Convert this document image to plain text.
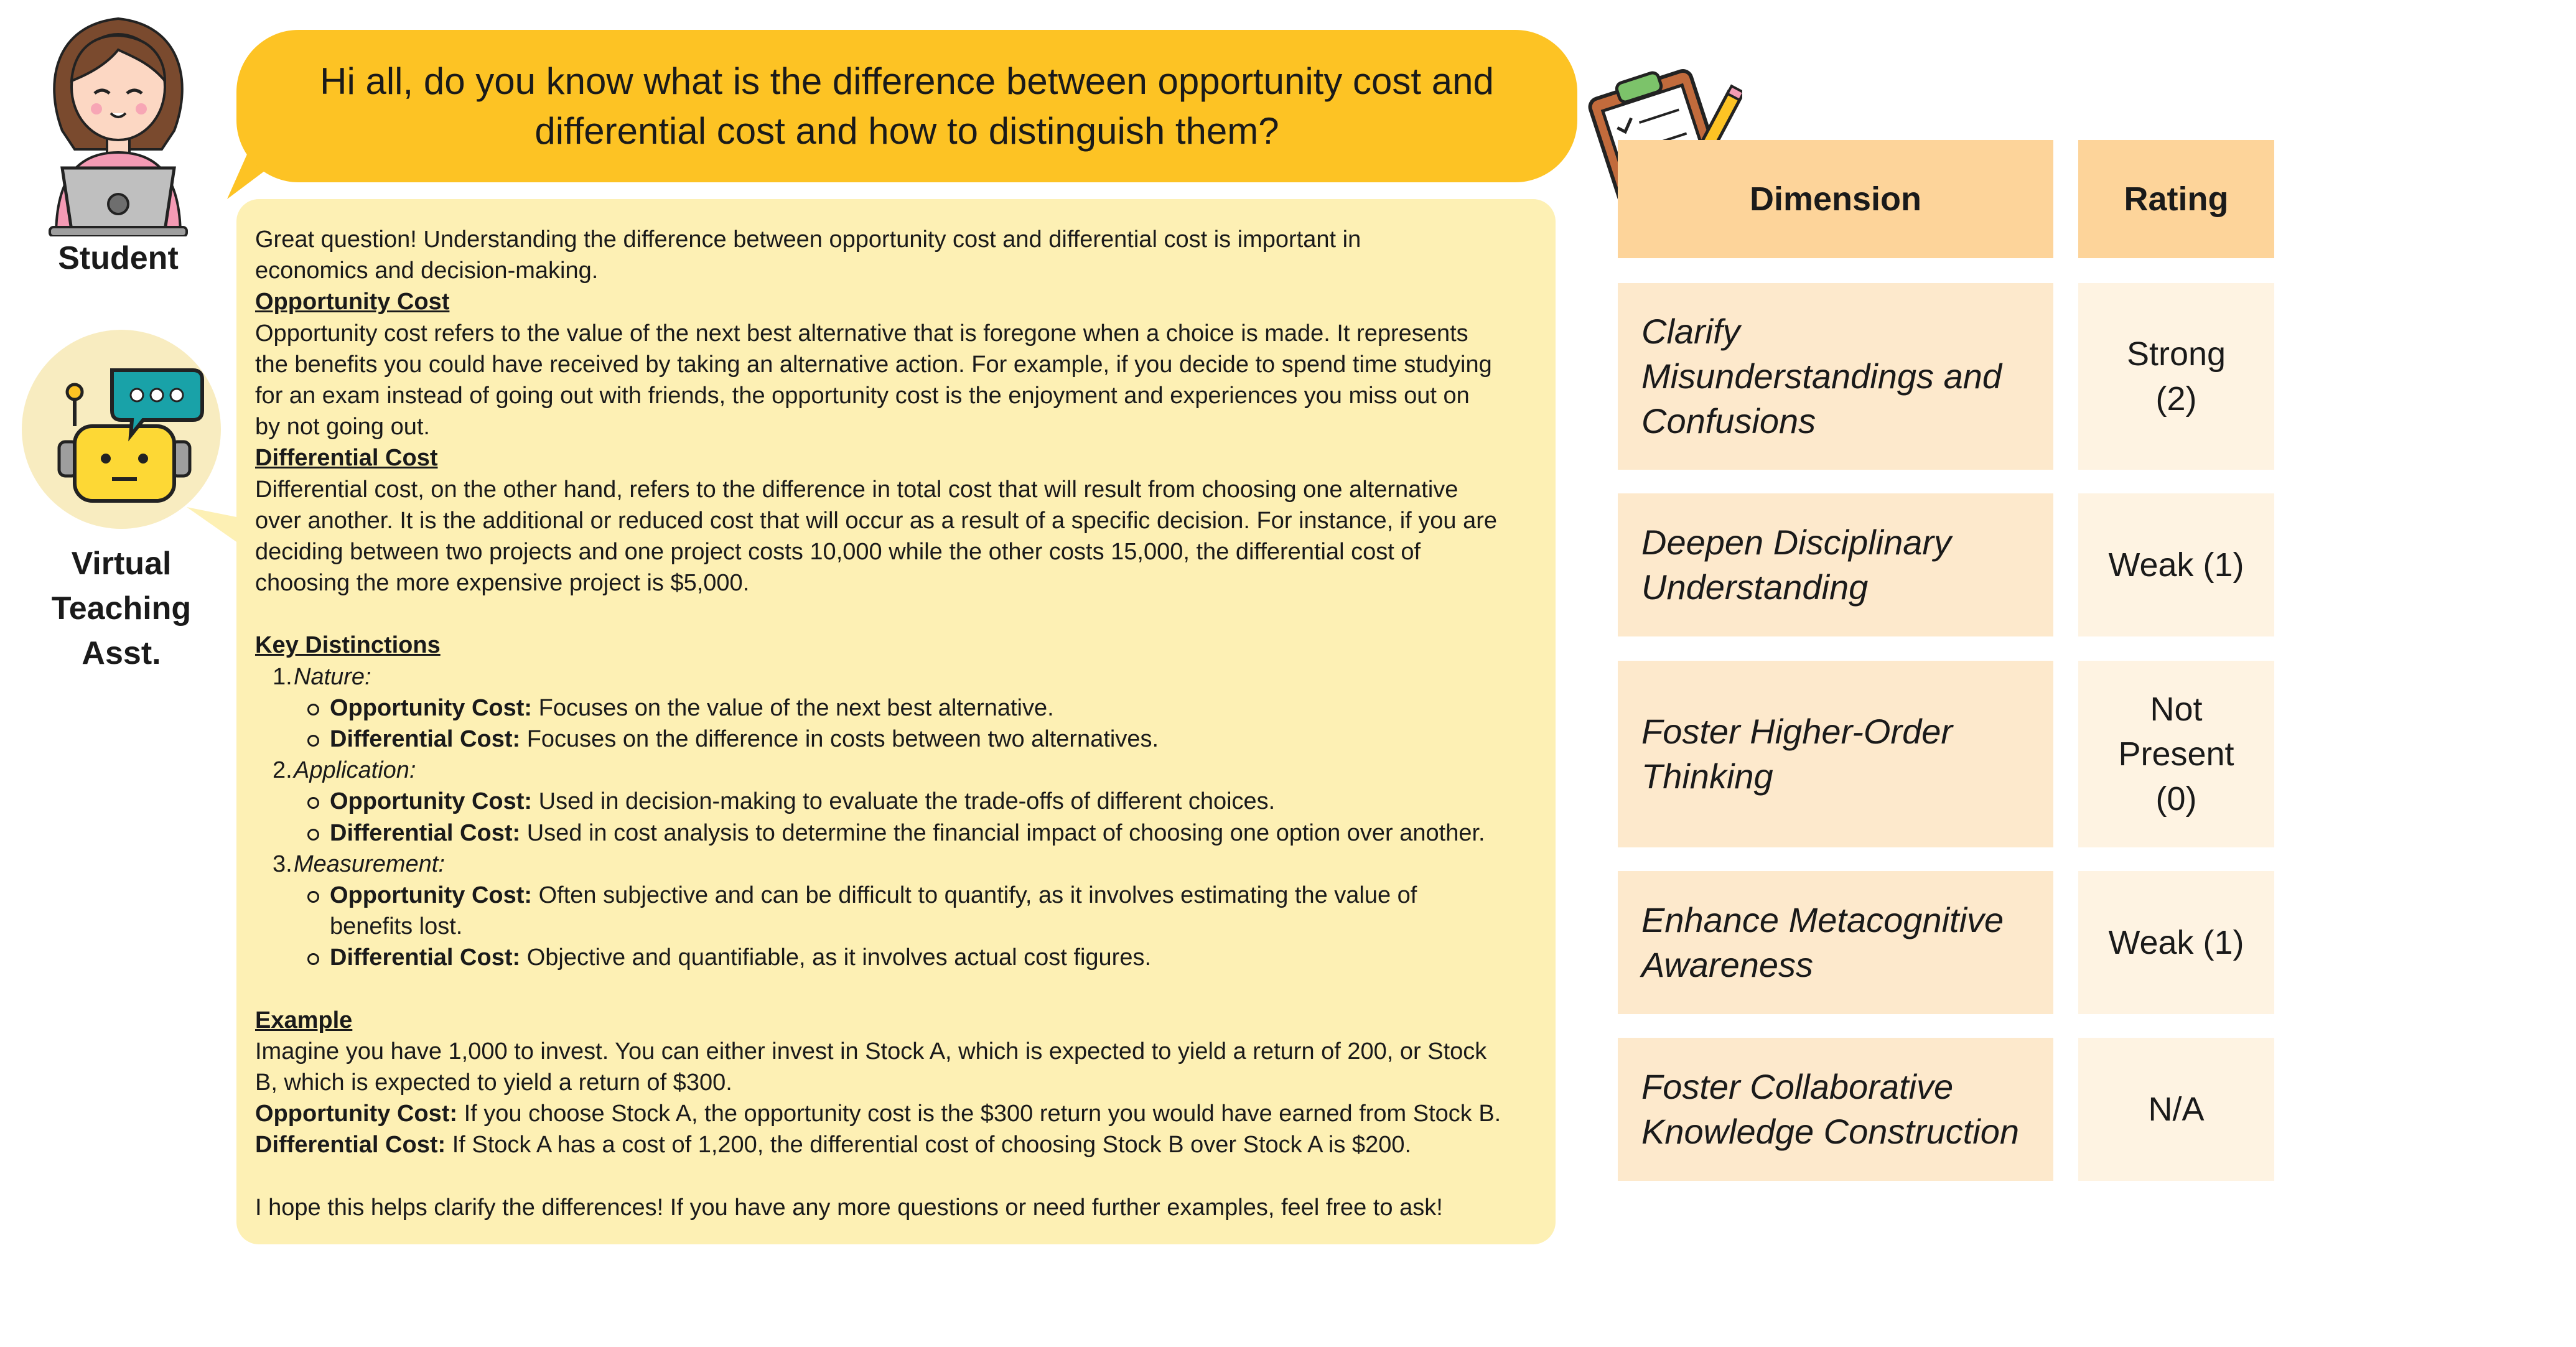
Student
Virtual
Teaching
Asst.
Hi all, do you know what is the difference between opportunity cost and
differential cost and how to distinguish them?

Great question! Understanding the difference between opportunity cost and differential cost is important in

economics and decision-making.

Opportunity Cost

Opportunity cost refers to the value of the next best alternative that is foregone when a choice is made. It represents

the benefits you could have received by taking an alternative action. For example, if you decide to spend time studying

for an exam instead of going out with friends, the opportunity cost is the enjoyment and experiences you miss out on

by not going out.

Differential Cost

Differential cost, on the other hand, refers to the difference in total cost that will result from choosing one alternative

over another. It is the additional or reduced cost that will occur as a result of a specific decision. For instance, if you are

deciding between two projects and one project costs 10,000 while the other costs 15,000, the differential cost of

choosing the more expensive project is $5,000.

Key Distinctions

1.Nature:

Opportunity Cost: Focuses on the value of the next best alternative.

Differential Cost: Focuses on the difference in costs between two alternatives.

2.Application:

Opportunity Cost: Used in decision-making to evaluate the trade-offs of different choices.

Differential Cost: Used in cost analysis to determine the financial impact of choosing one option over another.

3.Measurement:

Opportunity Cost: Often subjective and can be difficult to quantify, as it involves estimating the value of

benefits lost.

Differential Cost: Objective and quantifiable, as it involves actual cost figures.

Example

Imagine you have 1,000 to invest. You can either invest in Stock A, which is expected to yield a return of 200, or Stock

B, which is expected to yield a return of $300.

Opportunity Cost: If you choose Stock A, the opportunity cost is the $300 return you would have earned from Stock B.

Differential Cost: If Stock A has a cost of 1,200, the differential cost of choosing Stock B over Stock A is $200.

I hope this helps clarify the differences! If you have any more questions or need further examples, feel free to ask!

Dimension	Rating
Clarify
Misunderstandings and
Confusions
Strong
(2)
Deepen Disciplinary
Understanding
Weak (1)
Foster Higher-Order
Thinking
Not
Present
(0)
Enhance Metacognitive
Awareness
Weak (1)
Foster Collaborative
Knowledge Construction
N/A
